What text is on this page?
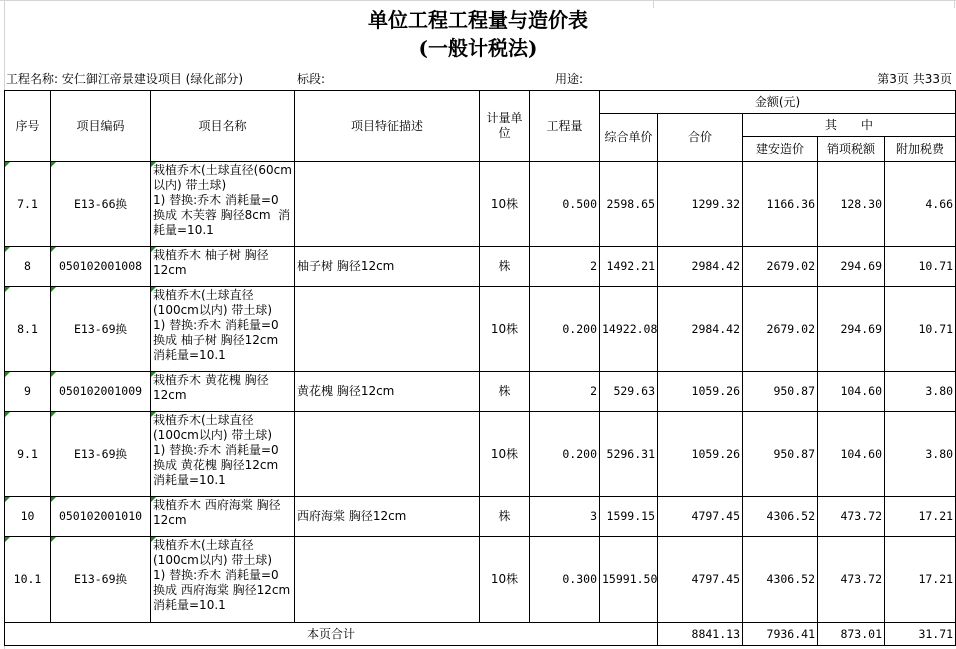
单位工程工程量与造价表
(一般计税法)
工程名称: 安仁御江帝景建设项目 (绿化部分)	标段:	用途:	第3页 共33页
序号	项目编码	项目名称	项目特征描述	计量单位	工程量	金额(元)				
						综合单价	合价	其　　中		
								建安造价	销项税额	附加税费
7.1	E13-66换	栽植乔木(土球直径(60cm以内) 带土球)
1) 替换:乔木 消耗量=0 换成 木芙蓉 胸径8cm  消耗量=10.1		10株	0.500	2598.65	1299.32	1166.36	128.30	4.66
8	050102001008	栽植乔木 柚子树 胸径12cm	柚子树 胸径12cm	株	2	1492.21	2984.42	2679.02	294.69	10.71
8.1	E13-69换	栽植乔木(土球直径(100cm以内) 带土球)
1) 替换:乔木 消耗量=0 换成 柚子树 胸径12cm  消耗量=10.1		10株	0.200	14922.08	2984.42	2679.02	294.69	10.71
9	050102001009	栽植乔木 黄花槐 胸径12cm	黄花槐 胸径12cm	株	2	529.63	1059.26	950.87	104.60	3.80
9.1	E13-69换	栽植乔木(土球直径(100cm以内) 带土球)
1) 替换:乔木 消耗量=0 换成 黄花槐 胸径12cm  消耗量=10.1		10株	0.200	5296.31	1059.26	950.87	104.60	3.80
10	050102001010	栽植乔木 西府海棠 胸径12cm	西府海棠 胸径12cm	株	3	1599.15	4797.45	4306.52	473.72	17.21
10.1	E13-69换	栽植乔木(土球直径(100cm以内) 带土球)
1) 替换:乔木 消耗量=0 换成 西府海棠 胸径12cm  消耗量=10.1		10株	0.300	15991.50	4797.45	4306.52	473.72	17.21
本页合计							8841.13	7936.41	873.01	31.71
